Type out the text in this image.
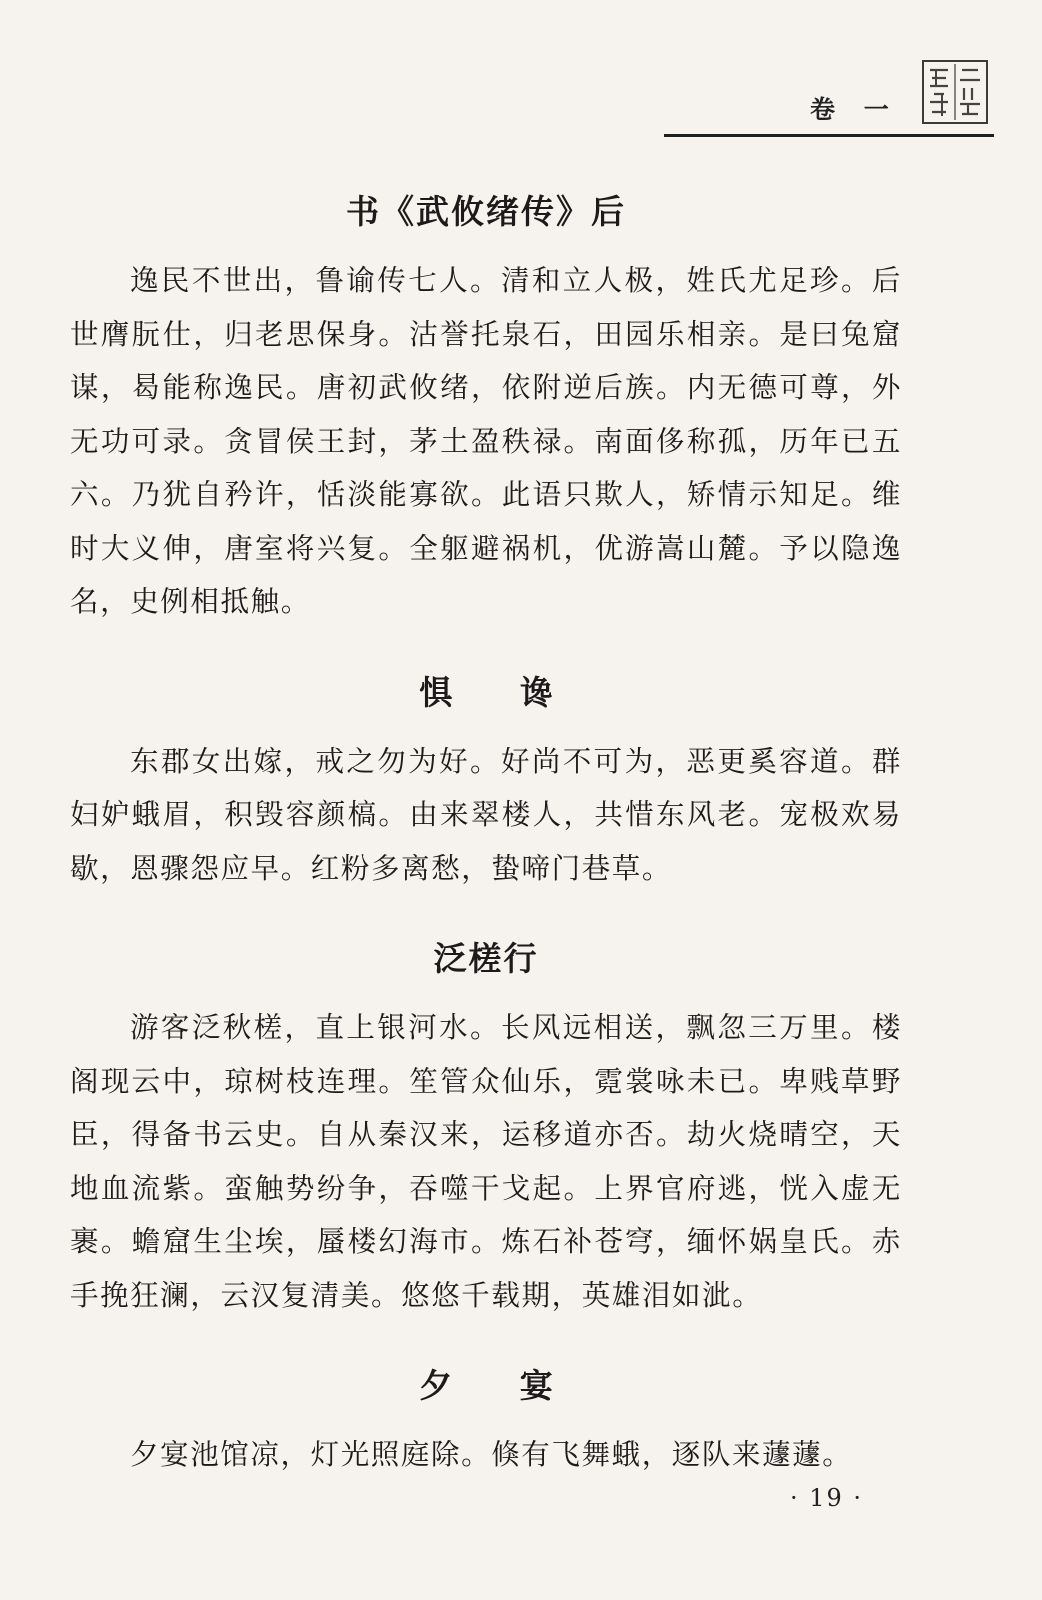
卷 一
书《武攸绪传》后

逸民不世出，鲁谕传七人。清和立人极，姓氏尤足珍。后世膺朊仕，归老思保身。沽誉托泉石，田园乐相亲。是曰兔窟谋，曷能称逸民。唐初武攸绪，依附逆后族。内无德可尊，外无功可录。贪冒侯王封，茅土盈秩禄。南面侈称孤，历年已五六。乃犹自矜许，恬淡能寡欲。此语只欺人，矫情示知足。维时大义伸，唐室将兴复。全躯避祸机，优游嵩山麓。予以隐逸名，史例相抵触。

惧 谗

东郡女出嫁，戒之勿为好。好尚不可为，恶更奚容道。群妇妒蛾眉，积毁容颜槁。由来翠楼人，共惜东风老。宠极欢易歇，恩骤怨应早。红粉多离愁，蛰啼门巷草。

泛槎行

游客泛秋槎，直上银河水。长风远相送，飘忽三万里。楼阁现云中，琼树枝连理。笙管众仙乐，霓裳咏未已。卑贱草野臣，得备书云史。自从秦汉来，运移道亦否。劫火烧晴空，天地血流紫。蛮触势纷争，吞噬干戈起。上界官府逃，恍入虚无裹。蟾窟生尘埃，蜃楼幻海市。炼石补苍穹，缅怀娲皇氏。赤手挽狂澜，云汉复清美。悠悠千载期，英雄泪如泚。

夕 宴

夕宴池馆凉，灯光照庭除。倏有飞舞蛾，逐队来蘧蘧。

· 19 ·
